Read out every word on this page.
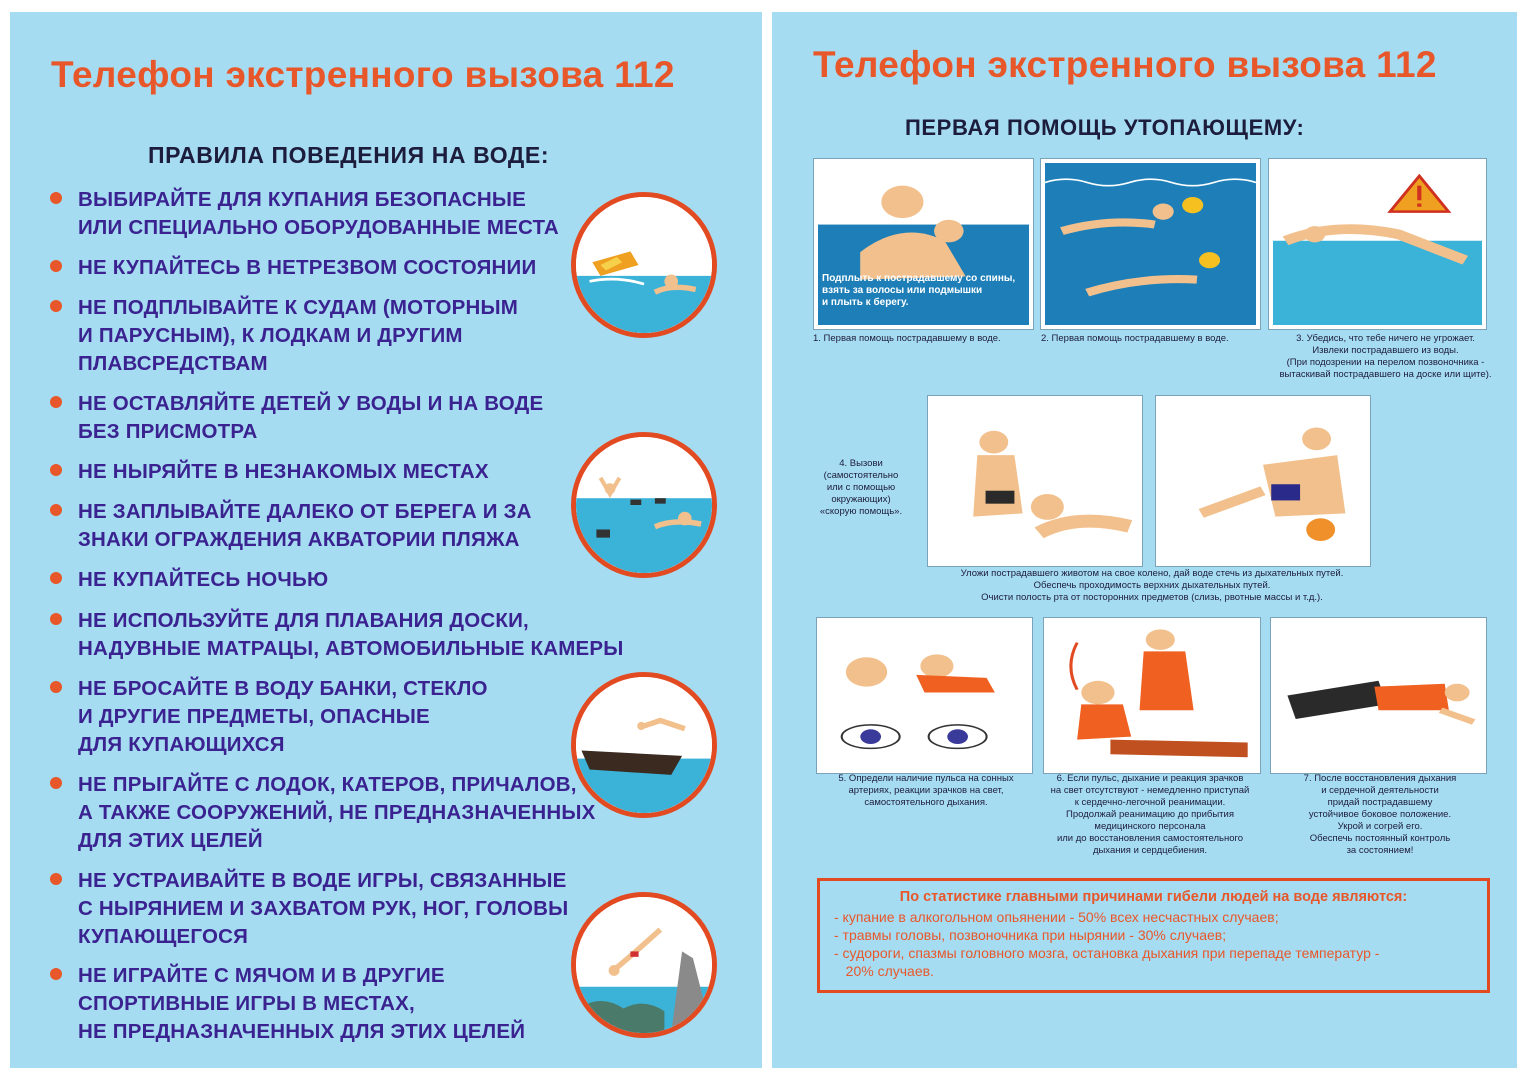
Телефон экстренного вызова 112
ПРАВИЛА ПОВЕДЕНИЯ НА ВОДЕ:
ВЫБИРАЙТЕ ДЛЯ КУПАНИЯ БЕЗОПАСНЫЕ
ИЛИ СПЕЦИАЛЬНО ОБОРУДОВАННЫЕ МЕСТА
НЕ КУПАЙТЕСЬ В НЕТРЕЗВОМ СОСТОЯНИИ
НЕ ПОДПЛЫВАЙТЕ К СУДАМ (МОТОРНЫМ
И ПАРУСНЫМ), К ЛОДКАМ И ДРУГИМ
ПЛАВСРЕДСТВАМ
НЕ ОСТАВЛЯЙТЕ ДЕТЕЙ У ВОДЫ И НА ВОДЕ
БЕЗ ПРИСМОТРА
НЕ НЫРЯЙТЕ В НЕЗНАКОМЫХ МЕСТАХ
НЕ ЗАПЛЫВАЙТЕ ДАЛЕКО ОТ БЕРЕГА И ЗА
ЗНАКИ ОГРАЖДЕНИЯ АКВАТОРИИ ПЛЯЖА
НЕ КУПАЙТЕСЬ НОЧЬЮ
НЕ ИСПОЛЬЗУЙТЕ ДЛЯ ПЛАВАНИЯ ДОСКИ,
НАДУВНЫЕ МАТРАЦЫ, АВТОМОБИЛЬНЫЕ КАМЕРЫ
НЕ БРОСАЙТЕ В ВОДУ БАНКИ, СТЕКЛО
И ДРУГИЕ ПРЕДМЕТЫ, ОПАСНЫЕ
ДЛЯ КУПАЮЩИХСЯ
НЕ ПРЫГАЙТЕ С ЛОДОК, КАТЕРОВ, ПРИЧАЛОВ,
А ТАКЖЕ СООРУЖЕНИЙ, НЕ ПРЕДНАЗНАЧЕННЫХ
ДЛЯ ЭТИХ ЦЕЛЕЙ
НЕ УСТРАИВАЙТЕ В ВОДЕ ИГРЫ, СВЯЗАННЫЕ
С НЫРЯНИЕМ И ЗАХВАТОМ РУК, НОГ, ГОЛОВЫ
КУПАЮЩЕГОСЯ
НЕ ИГРАЙТЕ С МЯЧОМ И В ДРУГИЕ
СПОРТИВНЫЕ ИГРЫ В МЕСТАХ,
НЕ ПРЕДНАЗНАЧЕННЫХ ДЛЯ ЭТИХ ЦЕЛЕЙ
Телефон экстренного вызова 112
ПЕРВАЯ ПОМОЩЬ УТОПАЮЩЕМУ:
Подплыть к пострадавшему со спины,
взять за волосы или подмышки
и плыть к берегу.
1. Первая помощь пострадавшему в воде.	2. Первая помощь пострадавшему в воде.	3. Убедись, что тебе ничего не угрожает.
Извлеки пострадавшего из воды.
(При подозрении на перелом позвоночника -
вытаскивай пострадавшего на доске или щите).
4. Вызови
(самостоятельно
или с помощью
окружающих)
«скорую помощь».
Перегнуть через собственное бедро,
несколько раз ударить ладонью
на уровне лопаток.
Уложи пострадавшего животом на свое колено, дай воде стечь из дыхательных путей.
Обеспечь проходимость верхних дыхательных путей.
Очисти полость рта от посторонних предметов (слизь, рвотные массы и т.д.).
5. Определи наличие пульса на сонных
артериях, реакции зрачков на свет,
самостоятельного дыхания.
6. Если пульс, дыхание и реакция зрачков
на свет отсутствуют - немедленно приступай
к сердечно-легочной реанимации.
Продолжай реанимацию до прибытия
медицинского персонала
или до восстановления самостоятельного
дыхания и сердцебиения.
7. После восстановления дыхания
и сердечной деятельности
придай пострадавшему
устойчивое боковое положение.
Укрой и согрей его.
Обеспечь постоянный контроль
за состоянием!
По статистике главными причинами гибели людей на воде являются:
- купание в алкогольном опьянении - 50% всех несчастных случаев;
- травмы головы, позвоночника при нырянии - 30% случаев;
- судороги, спазмы головного мозга, остановка дыхания при перепаде температур -
20% случаев.
